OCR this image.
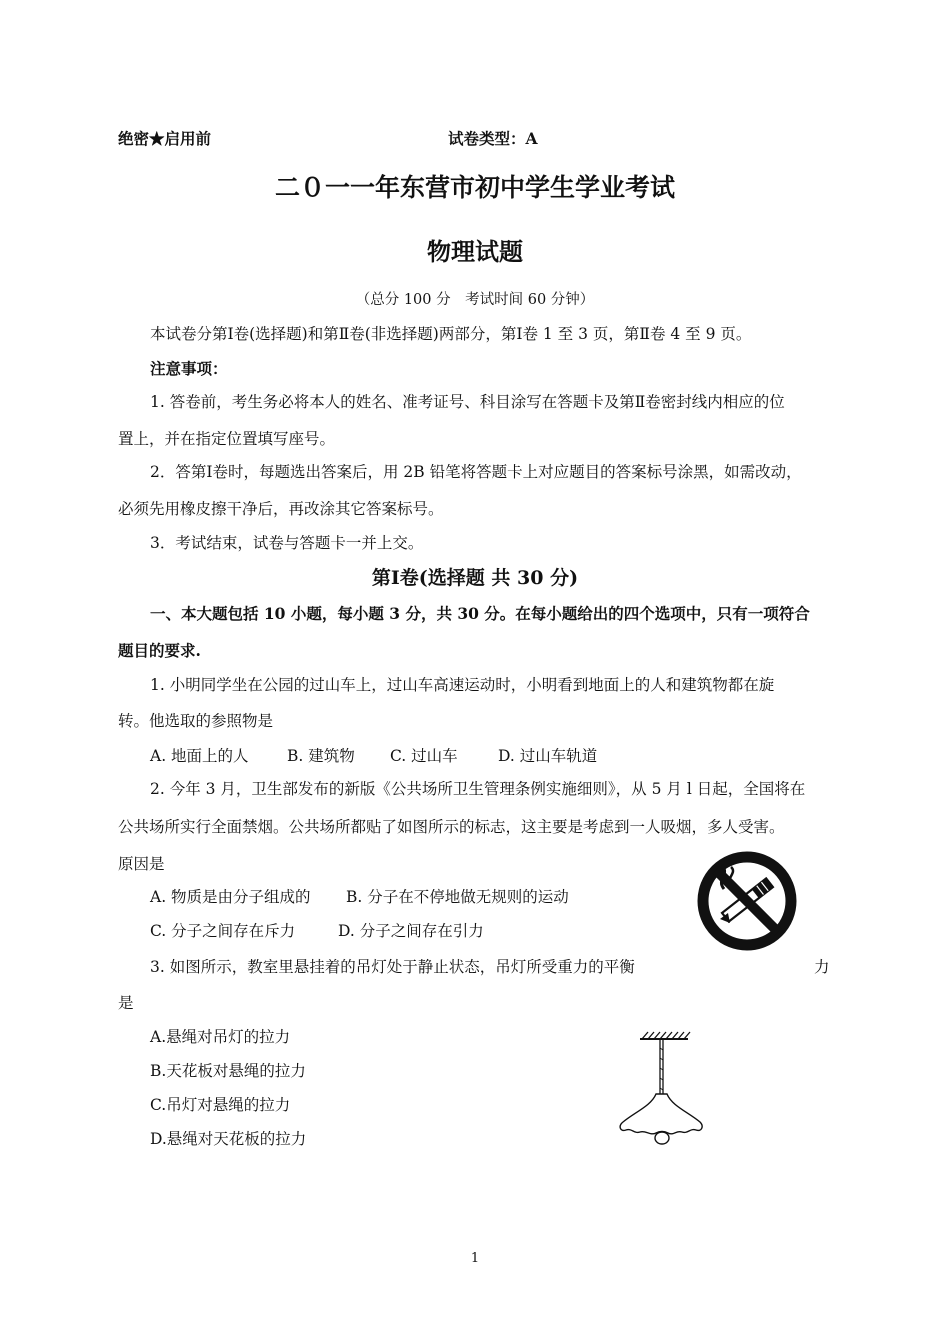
绝密★启用前	试卷类型：A
二０一一年东营市初中学生学业考试
物理试题
（总分 100 分　考试时间 60 分钟）
本试卷分第Ⅰ卷(选择题)和第Ⅱ卷(非选择题)两部分，第Ⅰ卷 1 至 3 页，第Ⅱ卷 4 至 9 页。
注意事项：
1. 答卷前，考生务必将本人的姓名、准考证号、科目涂写在答题卡及第Ⅱ卷密封线内相应的位
置上，并在指定位置填写座号。
2．答第Ⅰ卷时，每题选出答案后，用 2B 铅笔将答题卡上对应题目的答案标号涂黑，如需改动，
必须先用橡皮擦干净后，再改涂其它答案标号。
3．考试结束，试卷与答题卡一并上交。
第Ⅰ卷(选择题 共 30 分)
一、本大题包括 10 小题，每小题 3 分，共 30 分。在每小题给出的四个选项中，只有一项符合
题目的要求.
1. 小明同学坐在公园的过山车上，过山车高速运动时，小明看到地面上的人和建筑物都在旋
转。他选取的参照物是
A. 地面上的人 B. 建筑物 C. 过山车	D. 过山车轨道
2. 今年 3 月，卫生部发布的新版《公共场所卫生管理条例实施细则》，从 5 月 l 日起，全国将在
公共场所实行全面禁烟。公共场所都贴了如图所示的标志，这主要是考虑到一人吸烟，多人受害。
原因是
A. 物质是由分子组成的 B. 分子在不停地做无规则的运动
C. 分子之间存在斥力	D. 分子之间存在引力
3. 如图所示，教室里悬挂着的吊灯处于静止状态，吊灯所受重力的平衡	力
是
A.悬绳对吊灯的拉力
B.天花板对悬绳的拉力
C.吊灯对悬绳的拉力
D.悬绳对天花板的拉力
1
